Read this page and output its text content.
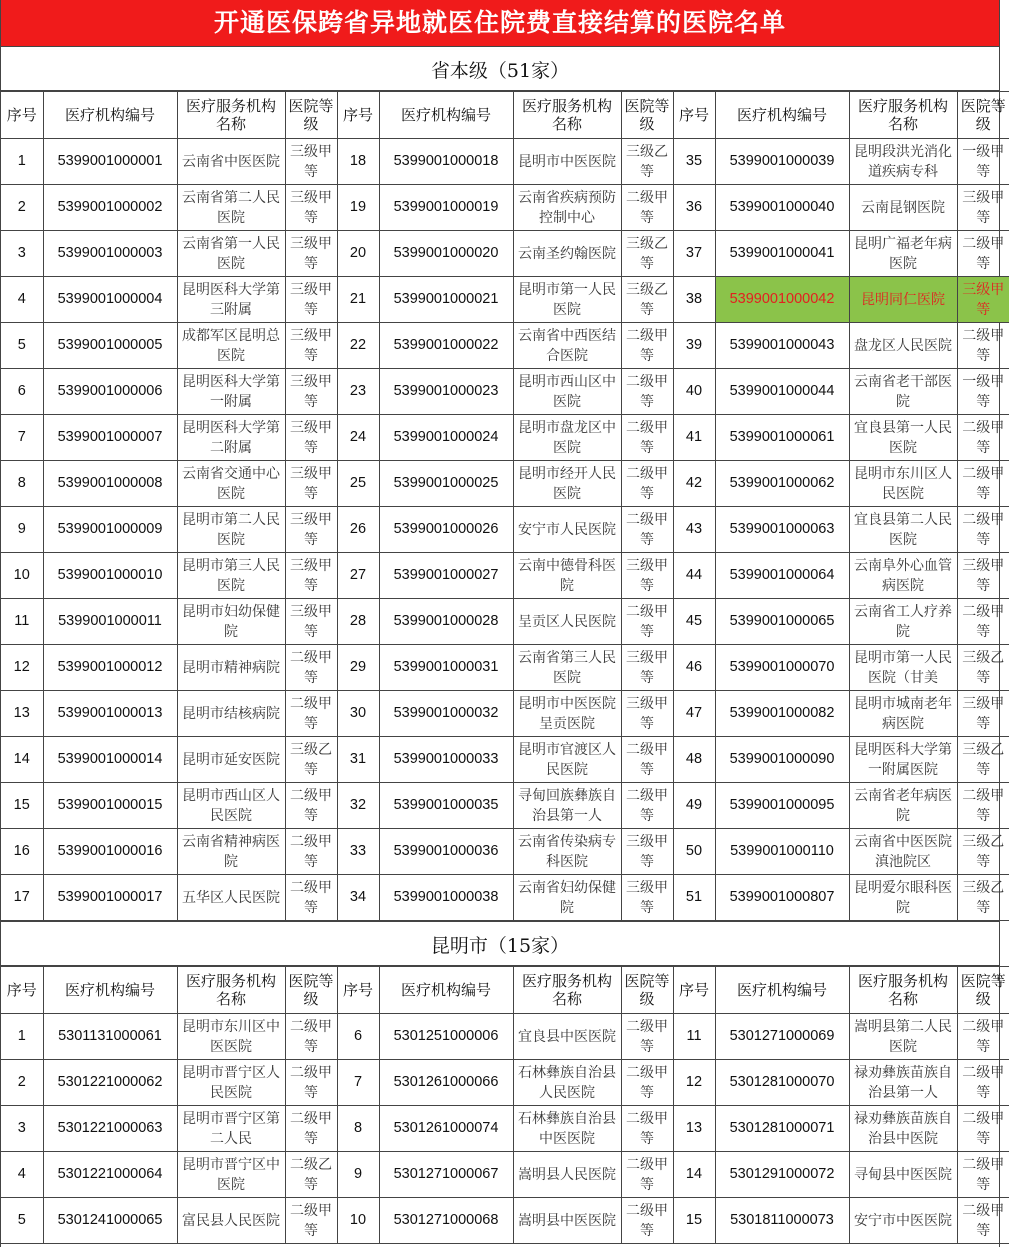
开通医保跨省异地就医住院费直接结算的医院名单
省本级（51家）
序号	医疗机构编号	医疗服务机构名称	医院等级	序号	医疗机构编号	医疗服务机构名称	医院等级	序号	医疗机构编号	医疗服务机构名称	医院等级
1	5399001000001	云南省中医医院	三级甲等	18	5399001000018	昆明市中医医院	三级乙等	35	5399001000039	昆明段洪光消化道疾病专科	一级甲等
2	5399001000002	云南省第二人民医院	三级甲等	19	5399001000019	云南省疾病预防控制中心	二级甲等	36	5399001000040	云南昆钢医院	三级甲等
3	5399001000003	云南省第一人民医院	三级甲等	20	5399001000020	云南圣约翰医院	三级乙等	37	5399001000041	昆明广福老年病医院	二级甲等
4	5399001000004	昆明医科大学第三附属	三级甲等	21	5399001000021	昆明市第一人民医院	三级乙等	38	5399001000042	昆明同仁医院	三级甲等
5	5399001000005	成都军区昆明总医院	三级甲等	22	5399001000022	云南省中西医结合医院	二级甲等	39	5399001000043	盘龙区人民医院	二级甲等
6	5399001000006	昆明医科大学第一附属	三级甲等	23	5399001000023	昆明市西山区中医院	二级甲等	40	5399001000044	云南省老干部医院	一级甲等
7	5399001000007	昆明医科大学第二附属	三级甲等	24	5399001000024	昆明市盘龙区中医院	二级甲等	41	5399001000061	宜良县第一人民医院	二级甲等
8	5399001000008	云南省交通中心医院	三级甲等	25	5399001000025	昆明市经开人民医院	二级甲等	42	5399001000062	昆明市东川区人民医院	二级甲等
9	5399001000009	昆明市第二人民医院	三级甲等	26	5399001000026	安宁市人民医院	二级甲等	43	5399001000063	宜良县第二人民医院	二级甲等
10	5399001000010	昆明市第三人民医院	三级甲等	27	5399001000027	云南中德骨科医院	三级甲等	44	5399001000064	云南阜外心血管病医院	三级甲等
11	5399001000011	昆明市妇幼保健院	三级甲等	28	5399001000028	呈贡区人民医院	二级甲等	45	5399001000065	云南省工人疗养院	二级甲等
12	5399001000012	昆明市精神病院	二级甲等	29	5399001000031	云南省第三人民医院	三级甲等	46	5399001000070	昆明市第一人民医院（甘美	三级乙等
13	5399001000013	昆明市结核病院	二级甲等	30	5399001000032	昆明市中医医院呈贡医院	三级甲等	47	5399001000082	昆明市城南老年病医院	三级甲等
14	5399001000014	昆明市延安医院	三级乙等	31	5399001000033	昆明市官渡区人民医院	二级甲等	48	5399001000090	昆明医科大学第一附属医院	三级乙等
15	5399001000015	昆明市西山区人民医院	二级甲等	32	5399001000035	寻甸回族彝族自治县第一人	二级甲等	49	5399001000095	云南省老年病医院	二级甲等
16	5399001000016	云南省精神病医院	二级甲等	33	5399001000036	云南省传染病专科医院	三级甲等	50	5399001000110	云南省中医医院滇池院区	三级乙等
17	5399001000017	五华区人民医院	二级甲等	34	5399001000038	云南省妇幼保健院	三级甲等	51	5399001000807	昆明爱尔眼科医院	三级乙等
昆明市（15家）
序号	医疗机构编号	医疗服务机构名称	医院等级	序号	医疗机构编号	医疗服务机构名称	医院等级	序号	医疗机构编号	医疗服务机构名称	医院等级
1	5301131000061	昆明市东川区中医医院	二级甲等	6	5301251000006	宜良县中医医院	二级甲等	11	5301271000069	嵩明县第二人民医院	二级甲等
2	5301221000062	昆明市晋宁区人民医院	二级甲等	7	5301261000066	石林彝族自治县人民医院	二级甲等	12	5301281000070	禄劝彝族苗族自治县第一人	二级甲等
3	5301221000063	昆明市晋宁区第二人民	二级甲等	8	5301261000074	石林彝族自治县中医医院	二级甲等	13	5301281000071	禄劝彝族苗族自治县中医院	二级甲等
4	5301221000064	昆明市晋宁区中医院	二级乙等	9	5301271000067	嵩明县人民医院	二级甲等	14	5301291000072	寻甸县中医医院	二级甲等
5	5301241000065	富民县人民医院	二级甲等	10	5301271000068	嵩明县中医医院	二级甲等	15	5301811000073	安宁市中医医院	二级甲等
